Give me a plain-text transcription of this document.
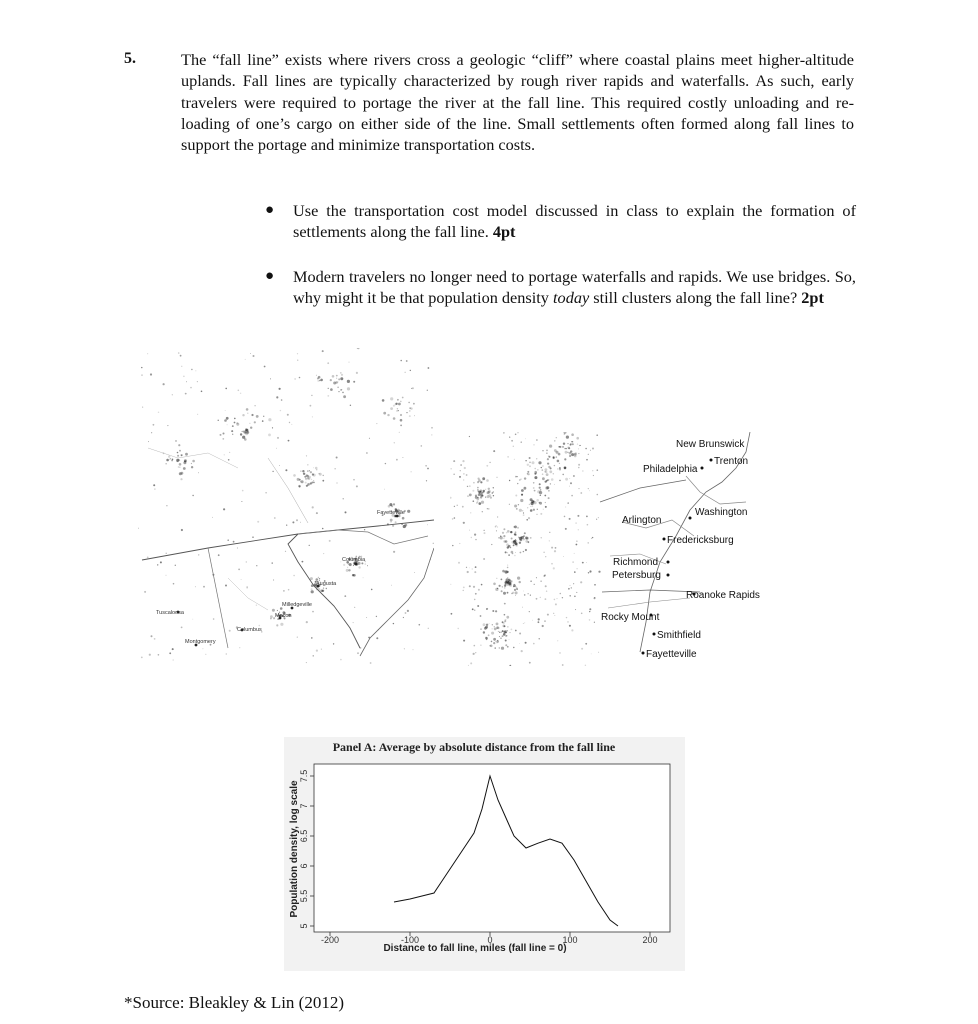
5.	The “fall line” exists where rivers cross a geologic “cliff” where coastal plains meet higher-altitude uplands. Fall lines are typically characterized by rough river rapids and waterfalls. As such, early travelers were required to portage the river at the fall line. This required costly unloading and re-loading of one’s cargo on either side of the line. Small settlements often formed along fall lines to support the portage and minimize transportation costs.

● Use the transportation cost model discussed in class to explain the formation of settlements along the fall line. 4pt
● Modern travelers no longer need to portage waterfalls and rapids. We use bridges. So, why might it be that population density today still clusters along the fall line? 2pt
Fayetteville
Columbia
Augusta
Milledgeville
Macon
Tuscaloosa
Columbus
Montgomery
New Brunswick
Trenton
Philadelphia
Washington
Arlington
Fredericksburg
Richmond
Petersburg
Roanoke Rapids
Rocky Mount
Smithfield
Fayetteville
Panel A: Average by absolute distance from the fall line
5
5.5
6
6.5
7
7.5
-200	-100	0	100	200
Distance to fall line, miles (fall line = 0)
Population density, log scale
*Source: Bleakley & Lin (2012)
